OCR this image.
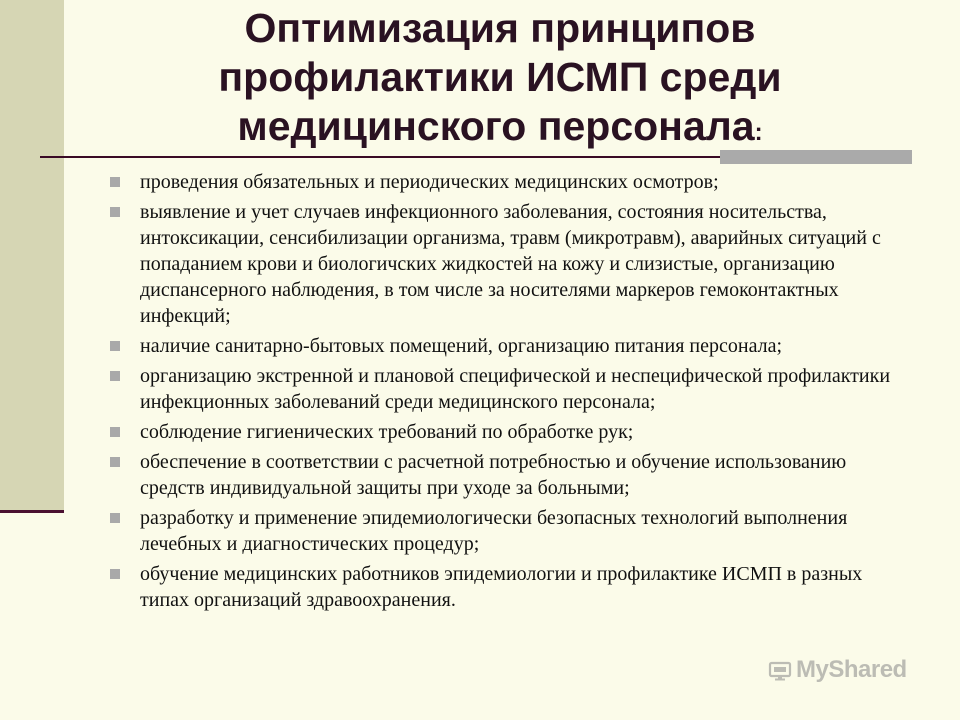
Оптимизация принципов
профилактики ИСМП среди
медицинского персонала:
проведения обязательных и периодических медицинских осмотров;
выявление и учет случаев инфекционного заболевания, состояния носительства, интоксикации, сенсибилизации организма, травм (микротравм), аварийных ситуаций с попаданием крови и биологичских жидкостей на кожу и слизистые, организацию диспансерного наблюдения, в том числе за носителями маркеров гемоконтактных инфекций;
наличие санитарно-бытовых помещений, организацию питания персонала;
организацию экстренной и плановой специфической и неспецифической профилактики инфекционных заболеваний среди медицинского персонала;
соблюдение гигиенических требований по обработке рук;
обеспечение в соответствии с расчетной потребностью и обучение использованию средств индивидуальной защиты при уходе за больными;
разработку и применение эпидемиологически безопасных технологий выполнения лечебных и диагностических процедур;
обучение медицинских работников эпидемиологии и профилактике ИСМП в разных типах организаций здравоохранения.
MyShared
